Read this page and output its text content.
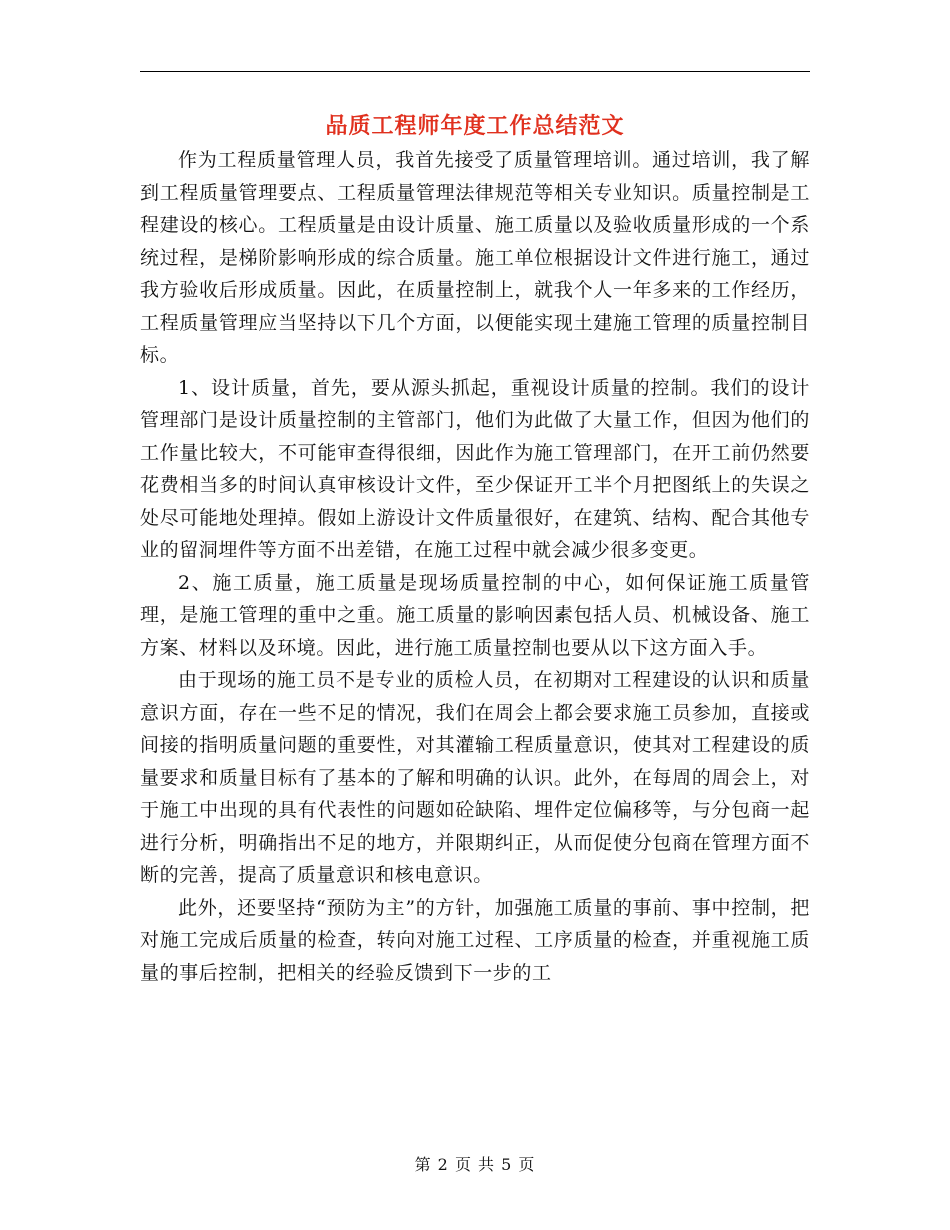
品质工程师年度工作总结范文

作为工程质量管理人员，我首先接受了质量管理培训。通过培训，我了解到工程质量管理要点、工程质量管理法律规范等相关专业知识。质量控制是工程建设的核心。工程质量是由设计质量、施工质量以及验收质量形成的一个系统过程，是梯阶影响形成的综合质量。施工单位根据设计文件进行施工，通过我方验收后形成质量。因此，在质量控制上，就我个人一年多来的工作经历，工程质量管理应当坚持以下几个方面，以便能实现土建施工管理的质量控制目标。

1、设计质量，首先，要从源头抓起，重视设计质量的控制。我们的设计管理部门是设计质量控制的主管部门，他们为此做了大量工作，但因为他们的工作量比较大，不可能审查得很细，因此作为施工管理部门，在开工前仍然要花费相当多的时间认真审核设计文件，至少保证开工半个月把图纸上的失误之处尽可能地处理掉。假如上游设计文件质量很好，在建筑、结构、配合其他专业的留洞埋件等方面不出差错，在施工过程中就会减少很多变更。

2、施工质量，施工质量是现场质量控制的中心，如何保证施工质量管理，是施工管理的重中之重。施工质量的影响因素包括人员、机械设备、施工方案、材料以及环境。因此，进行施工质量控制也要从以下这方面入手。

由于现场的施工员不是专业的质检人员，在初期对工程建设的认识和质量意识方面，存在一些不足的情况，我们在周会上都会要求施工员参加，直接或间接的指明质量问题的重要性，对其灌输工程质量意识，使其对工程建设的质量要求和质量目标有了基本的了解和明确的认识。此外，在每周的周会上，对于施工中出现的具有代表性的问题如砼缺陷、埋件定位偏移等，与分包商一起进行分析，明确指出不足的地方，并限期纠正，从而促使分包商在管理方面不断的完善，提高了质量意识和核电意识。

此外，还要坚持“预防为主”的方针，加强施工质量的事前、事中控制，把对施工完成后质量的检查，转向对施工过程、工序质量的检查，并重视施工质量的事后控制，把相关的经验反馈到下一步的工

第 2 页 共 5 页
